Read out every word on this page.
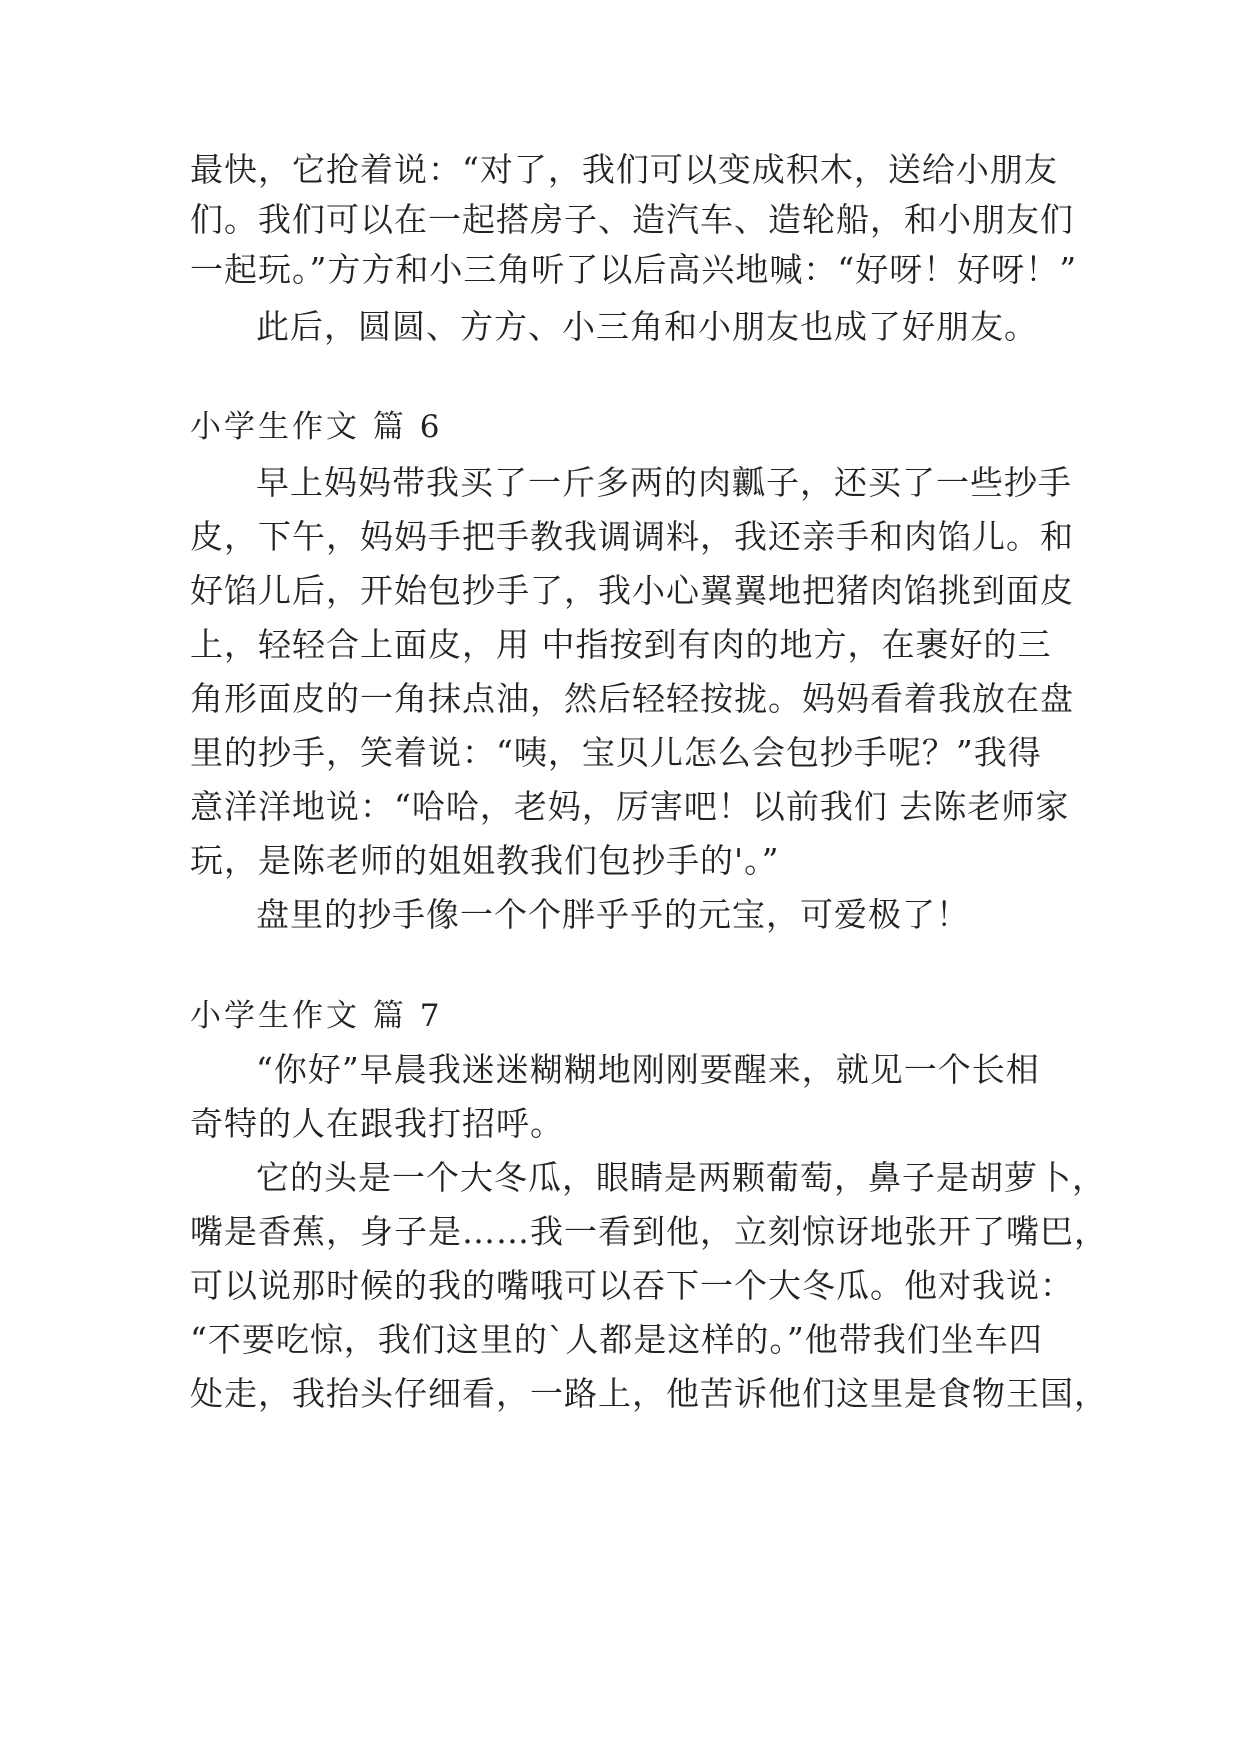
最快，它抢着说：“对了，我们可以变成积木，送给小朋友
们。我们可以在一起搭房子、造汽车、造轮船，和小朋友们
一起玩。”方方和小三角听了以后高兴地喊：“好呀！好呀！”
此后，圆圆、方方、小三角和小朋友也成了好朋友。
小学生作文 篇 6
早上妈妈带我买了一斤多两的肉瓤子，还买了一些抄手
皮，下午，妈妈手把手教我调调料，我还亲手和肉馅儿。和
好馅儿后，开始包抄手了，我小心翼翼地把猪肉馅挑到面皮
上，轻轻合上面皮，用 中指按到有肉的地方，在裹好的三
角形面皮的一角抹点油，然后轻轻按拢。妈妈看着我放在盘
里的抄手，笑着说：“咦，宝贝儿怎么会包抄手呢？”我得
意洋洋地说：“哈哈，老妈，厉害吧！以前我们 去陈老师家
玩，是陈老师的姐姐教我们包抄手的'。”
盘里的抄手像一个个胖乎乎的元宝，可爱极了！
小学生作文 篇 7
“你好”早晨我迷迷糊糊地刚刚要醒来，就见一个长相
奇特的人在跟我打招呼。
它的头是一个大冬瓜，眼睛是两颗葡萄，鼻子是胡萝卜，
嘴是香蕉，身子是……我一看到他，立刻惊讶地张开了嘴巴，
可以说那时候的我的嘴哦可以吞下一个大冬瓜。他对我说：
“不要吃惊，我们这里的`人都是这样的。”他带我们坐车四
处走，我抬头仔细看，一路上，他苦诉他们这里是食物王国，
